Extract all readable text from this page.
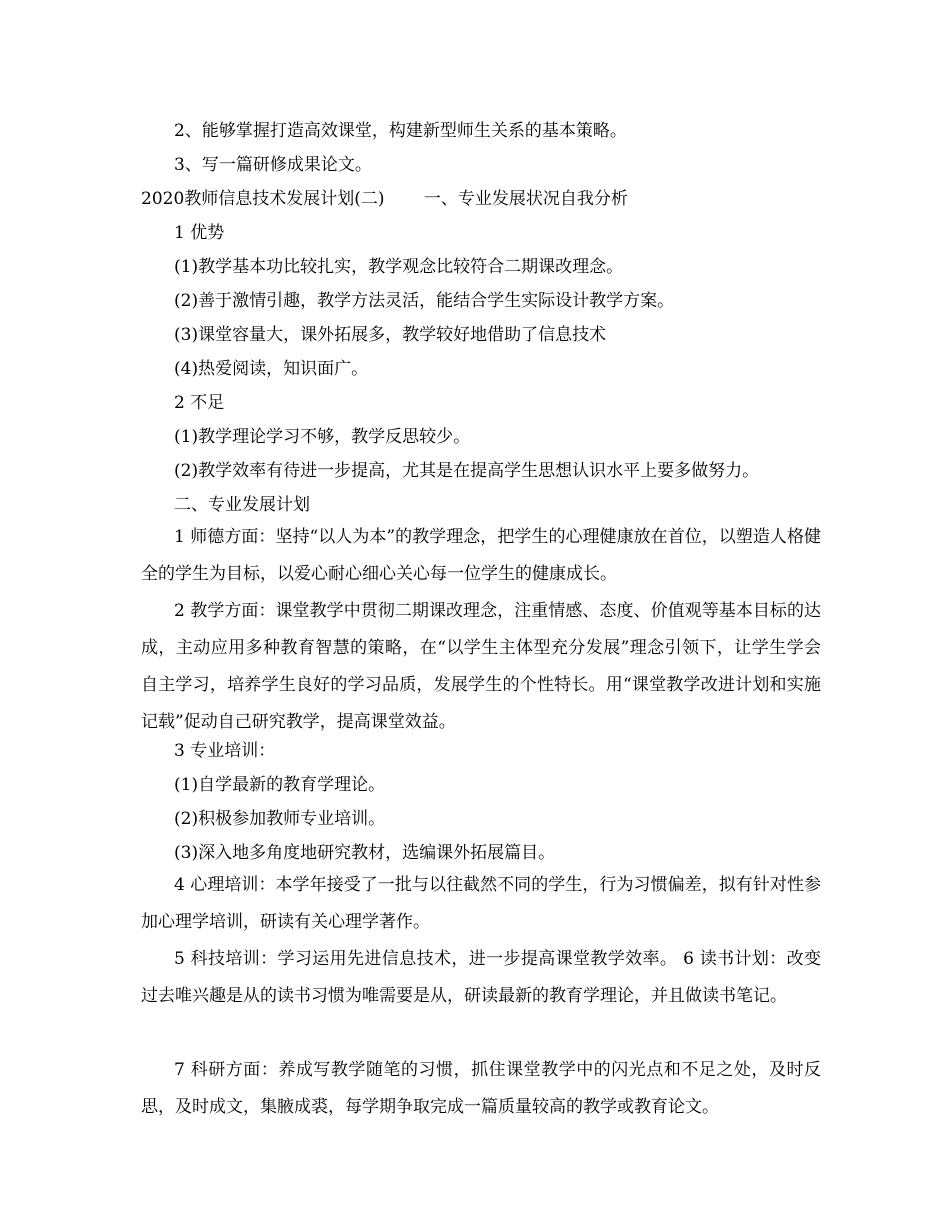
2、能够掌握打造高效课堂，构建新型师生关系的基本策略。
3、写一篇研修成果论文。
2020教师信息技术发展计划(二)　　 一、专业发展状况自我分析
1 优势
(1)教学基本功比较扎实，教学观念比较符合二期课改理念。
(2)善于激情引趣，教学方法灵活，能结合学生实际设计教学方案。
(3)课堂容量大，课外拓展多，教学较好地借助了信息技术
(4)热爱阅读，知识面广。
2 不足
(1)教学理论学习不够，教学反思较少。
(2)教学效率有待进一步提高，尤其是在提高学生思想认识水平上要多做努力。
二、专业发展计划
1 师德方面：坚持“以人为本”的教学理念，把学生的心理健康放在首位，以塑造人格健全的学生为目标，以爱心耐心细心关心每一位学生的健康成长。
2 教学方面：课堂教学中贯彻二期课改理念，注重情感、态度、价值观等基本目标的达成，主动应用多种教育智慧的策略，在“以学生主体型充分发展”理念引领下，让学生学会自主学习，培养学生良好的学习品质，发展学生的个性特长。用“课堂教学改进计划和实施记载”促动自己研究教学，提高课堂效益。
3 专业培训：
(1)自学最新的教育学理论。
(2)积极参加教师专业培训。
(3)深入地多角度地研究教材，选编课外拓展篇目。
4 心理培训：本学年接受了一批与以往截然不同的学生，行为习惯偏差，拟有针对性参加心理学培训，研读有关心理学著作。
5 科技培训：学习运用先进信息技术，进一步提高课堂教学效率。 6 读书计划：改变过去唯兴趣是从的读书习惯为唯需要是从，研读最新的教育学理论，并且做读书笔记。
7 科研方面：养成写教学随笔的习惯，抓住课堂教学中的闪光点和不足之处，及时反思，及时成文，集腋成裘，每学期争取完成一篇质量较高的教学或教育论文。
